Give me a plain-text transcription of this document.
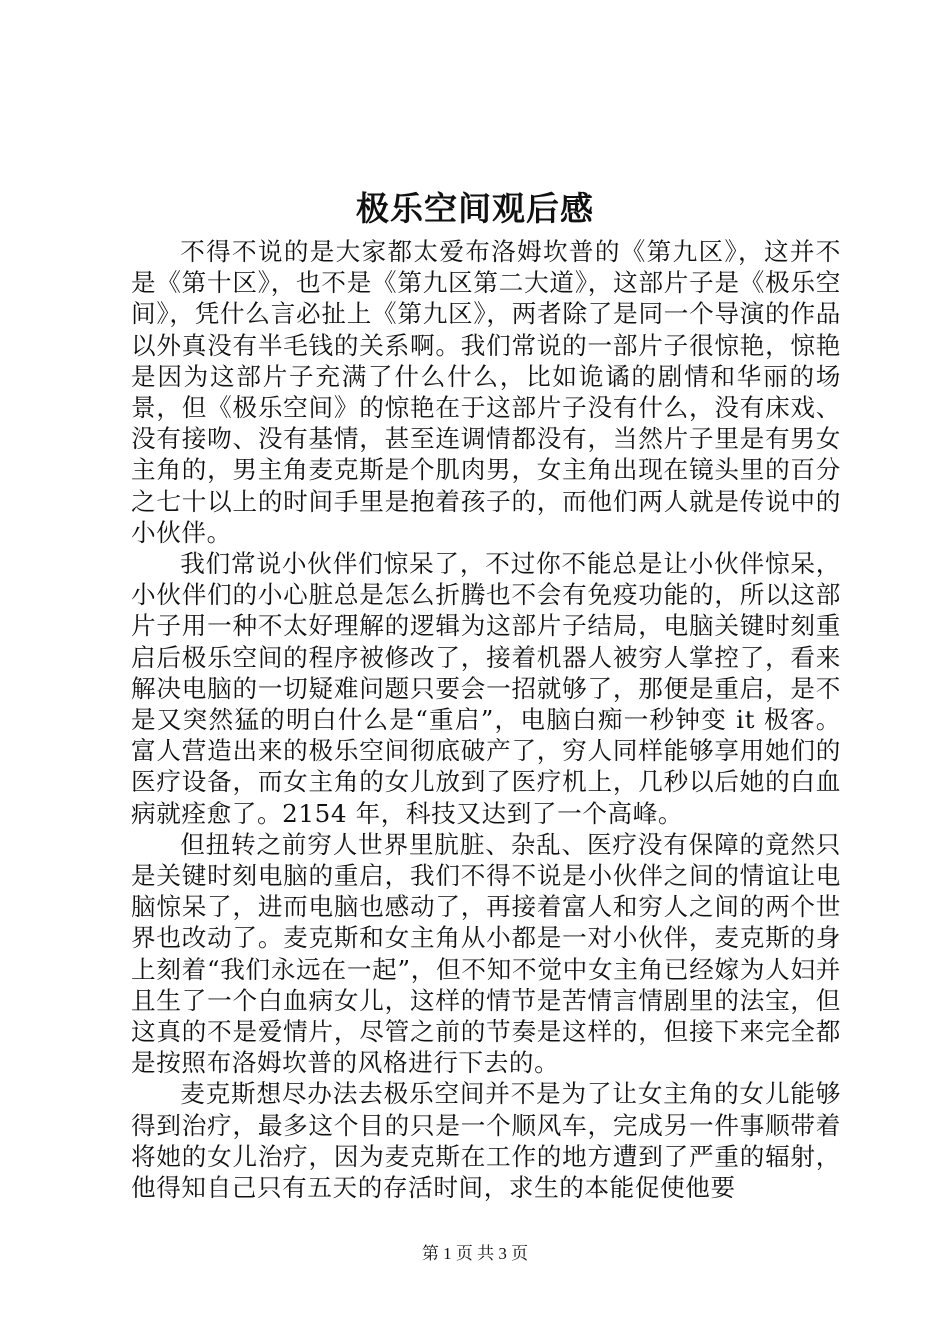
极乐空间观后感

不得不说的是大家都太爱布洛姆坎普的《第九区》，这并不是《第十区》，也不是《第九区第二大道》，这部片子是《极乐空间》，凭什么言必扯上《第九区》，两者除了是同一个导演的作品以外真没有半毛钱的关系啊。我们常说的一部片子很惊艳，惊艳是因为这部片子充满了什么什么，比如诡谲的剧情和华丽的场景，但《极乐空间》的惊艳在于这部片子没有什么，没有床戏、没有接吻、没有基情，甚至连调情都没有，当然片子里是有男女主角的，男主角麦克斯是个肌肉男，女主角出现在镜头里的百分之七十以上的时间手里是抱着孩子的，而他们两人就是传说中的小伙伴。

我们常说小伙伴们惊呆了，不过你不能总是让小伙伴惊呆，小伙伴们的小心脏总是怎么折腾也不会有免疫功能的，所以这部片子用一种不太好理解的逻辑为这部片子结局，电脑关键时刻重启后极乐空间的程序被修改了，接着机器人被穷人掌控了，看来解决电脑的一切疑难问题只要会一招就够了，那便是重启，是不是又突然猛的明白什么是“重启”，电脑白痴一秒钟变 it 极客。富人营造出来的极乐空间彻底破产了，穷人同样能够享用她们的医疗设备，而女主角的女儿放到了医疗机上，几秒以后她的白血病就痊愈了。2154 年，科技又达到了一个高峰。

但扭转之前穷人世界里肮脏、杂乱、医疗没有保障的竟然只是关键时刻电脑的重启，我们不得不说是小伙伴之间的情谊让电脑惊呆了，进而电脑也感动了，再接着富人和穷人之间的两个世界也改动了。麦克斯和女主角从小都是一对小伙伴，麦克斯的身上刻着“我们永远在一起”，但不知不觉中女主角已经嫁为人妇并且生了一个白血病女儿，这样的情节是苦情言情剧里的法宝，但这真的不是爱情片，尽管之前的节奏是这样的，但接下来完全都是按照布洛姆坎普的风格进行下去的。

麦克斯想尽办法去极乐空间并不是为了让女主角的女儿能够得到治疗，最多这个目的只是一个顺风车，完成另一件事顺带着将她的女儿治疗，因为麦克斯在工作的地方遭到了严重的辐射，他得知自己只有五天的存活时间，求生的本能促使他要

第 1 页 共 3 页
